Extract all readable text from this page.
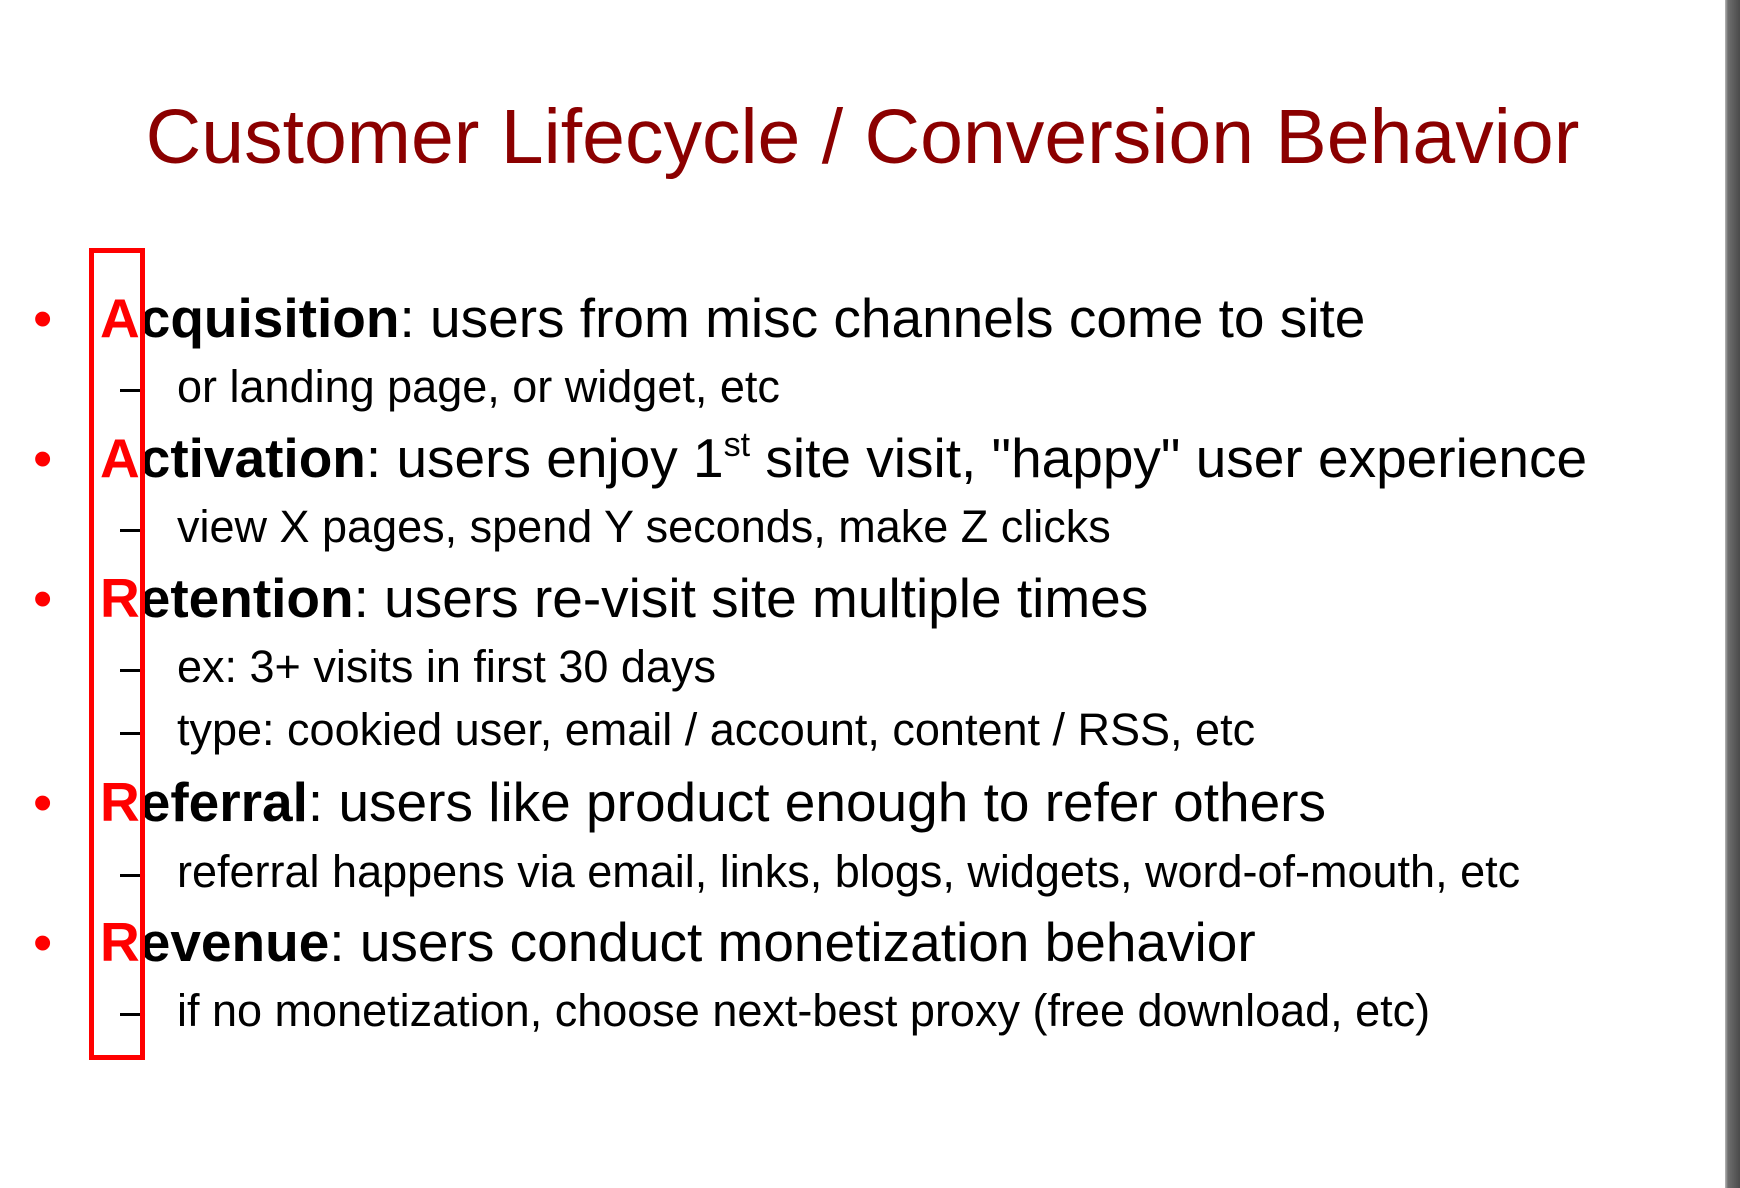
Customer Lifecycle / Conversion Behavior
• Acquisition: users from misc channels come to site
– or landing page, or widget, etc
• Activation: users enjoy 1st site visit, "happy" user experience
– view X pages, spend Y seconds, make Z clicks
• Retention: users re-visit site multiple times
– ex: 3+ visits in first 30 days
– type: cookied user, email / account, content / RSS, etc
• Referral: users like product enough to refer others
– referral happens via email, links, blogs, widgets, word-of-mouth, etc
• Revenue: users conduct monetization behavior
– if no monetization, choose next-best proxy (free download, etc)
